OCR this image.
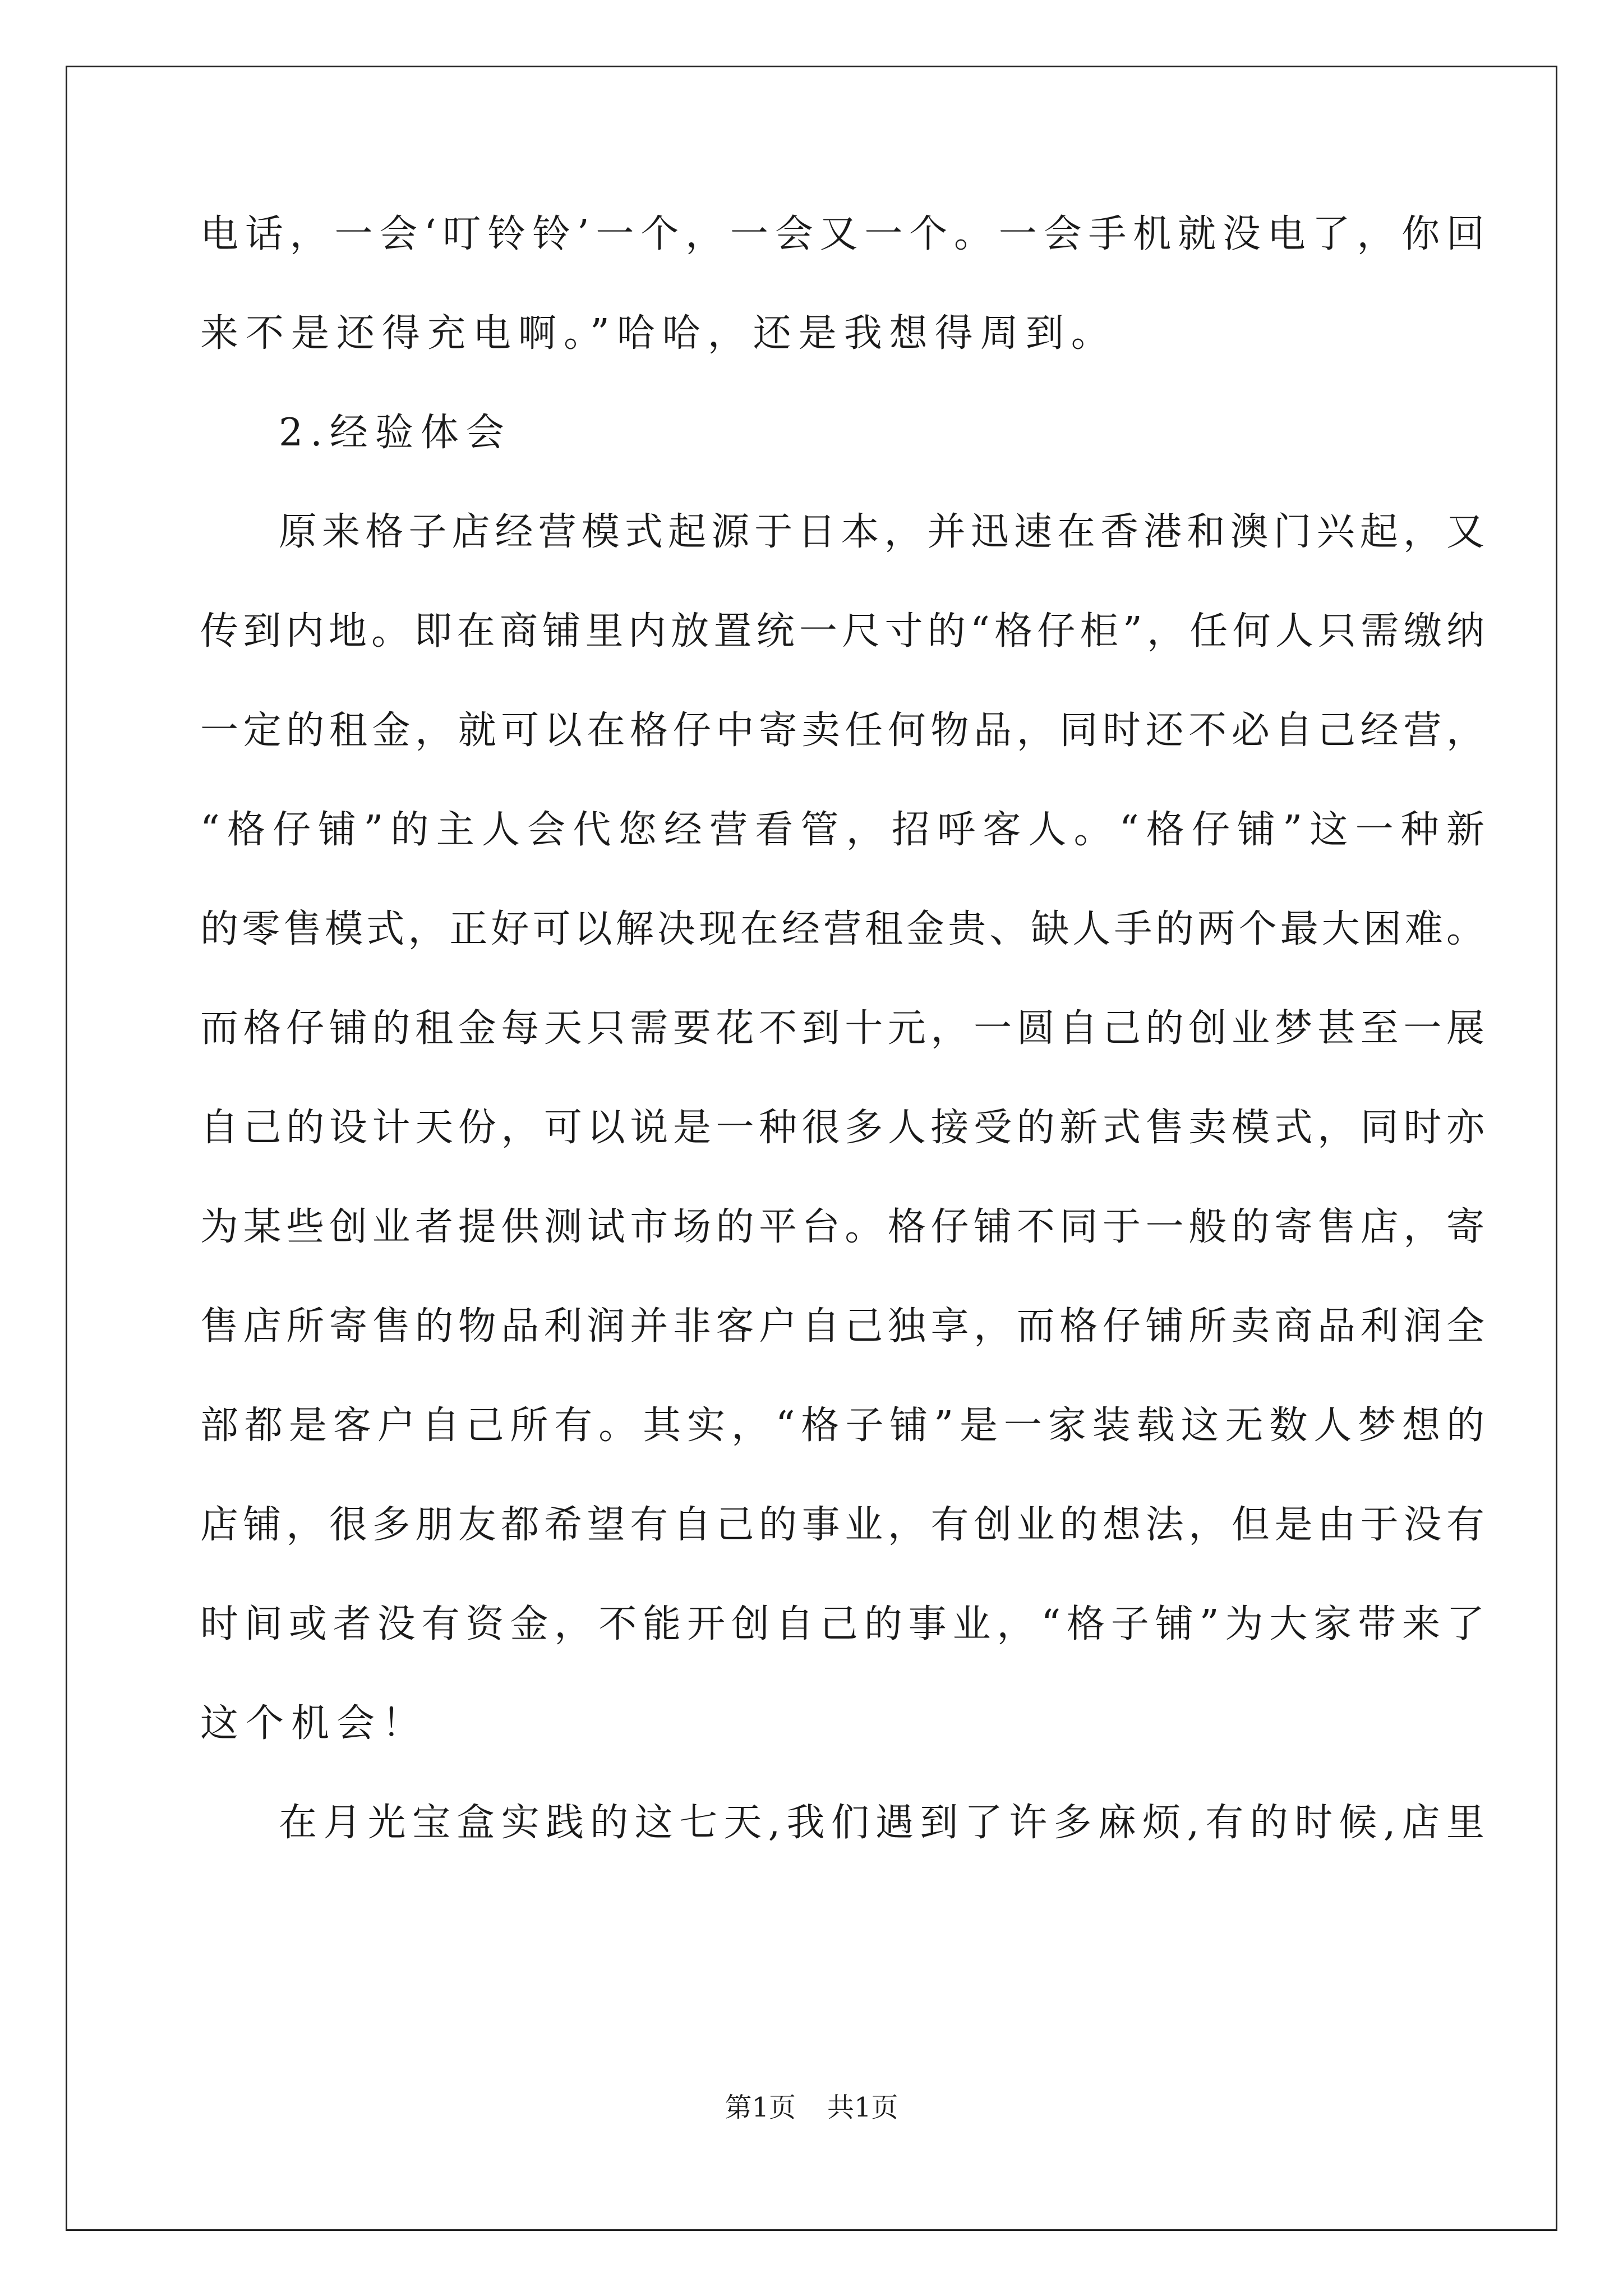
电话，一会‘叮铃铃’一个，一会又一个。一会手机就没电了，你回
来不是还得充电啊。”哈哈，还是我想得周到。
2.经验体会
原来格子店经营模式起源于日本，并迅速在香港和澳门兴起，又
传到内地。即在商铺里内放置统一尺寸的“格仔柜”，任何人只需缴纳
一定的租金，就可以在格仔中寄卖任何物品，同时还不必自己经营，
“格仔铺”的主人会代您经营看管，招呼客人。“格仔铺”这一种新
的零售模式，正好可以解决现在经营租金贵、缺人手的两个最大困难。
而格仔铺的租金每天只需要花不到十元，一圆自己的创业梦甚至一展
自己的设计天份，可以说是一种很多人接受的新式售卖模式，同时亦
为某些创业者提供测试市场的平台。格仔铺不同于一般的寄售店，寄
售店所寄售的物品利润并非客户自己独享，而格仔铺所卖商品利润全
部都是客户自己所有。其实，“格子铺”是一家装载这无数人梦想的
店铺，很多朋友都希望有自己的事业，有创业的想法，但是由于没有
时间或者没有资金，不能开创自己的事业，“格子铺”为大家带来了
这个机会！
在月光宝盒实践的这七天,我们遇到了许多麻烦,有的时候,店里
第1页 共1页
